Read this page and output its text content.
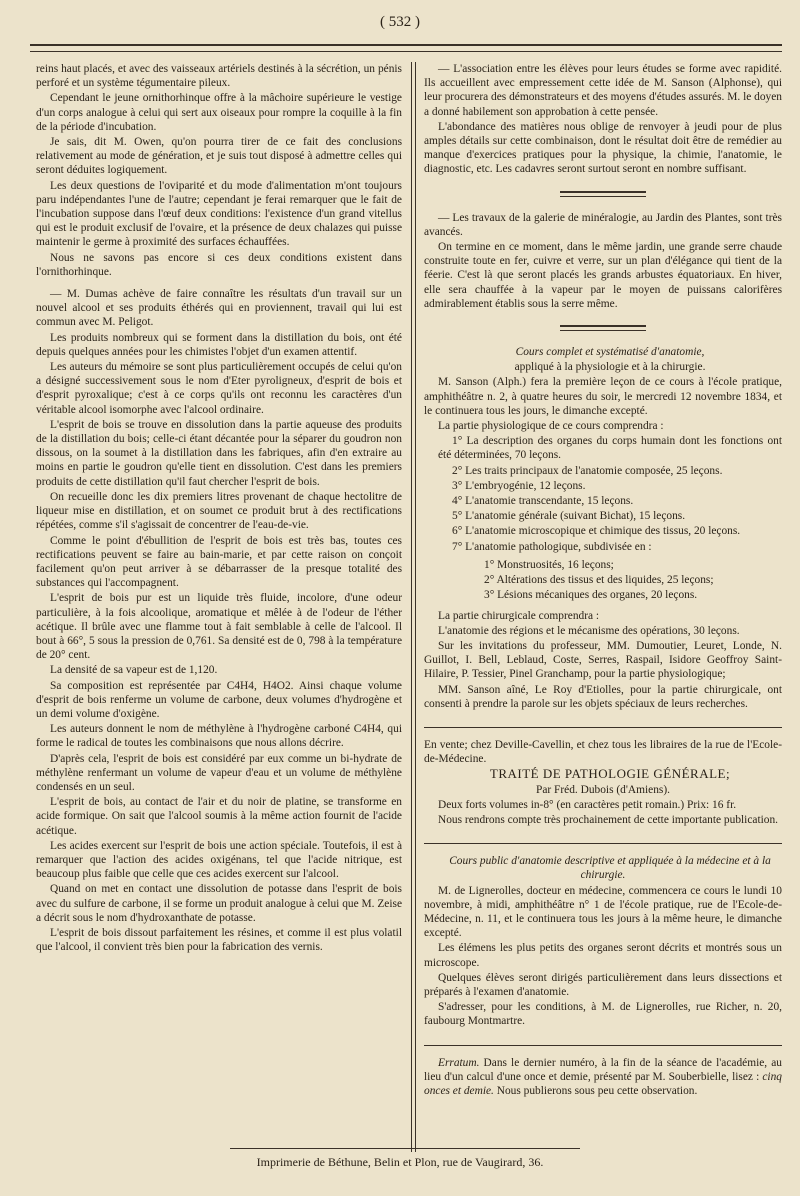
( 532 )

reins haut placés, et avec des vaisseaux artériels destinés à la sécrétion, un pénis perforé et un système tégumentaire pileux.

Cependant le jeune ornithorhinque offre à la mâchoire supérieure le vestige d'un corps analogue à celui qui sert aux oiseaux pour rompre la coquille à la fin de la période d'incubation.

Je sais, dit M. Owen, qu'on pourra tirer de ce fait des conclusions relativement au mode de génération, et je suis tout disposé à admettre celles qui seront déduites logiquement.

Les deux questions de l'oviparité et du mode d'alimentation m'ont toujours paru indépendantes l'une de l'autre; cependant je ferai remarquer que le fait de l'incubation suppose dans l'œuf deux conditions: l'existence d'un grand vitellus qui est le produit exclusif de l'ovaire, et la présence de deux chalazes qui puisse maintenir le germe à proximité des surfaces échauffées.

Nous ne savons pas encore si ces deux conditions existent dans l'ornithorhinque.

— M. Dumas achève de faire connaître les résultats d'un travail sur un nouvel alcool et ses produits éthérés qui en proviennent, travail qui lui est commun avec M. Peligot.

Les produits nombreux qui se forment dans la distillation du bois, ont été depuis quelques années pour les chimistes l'objet d'un examen attentif.

Les auteurs du mémoire se sont plus particulièrement occupés de celui qu'on a désigné successivement sous le nom d'Eter pyroligneux, d'esprit de bois et d'esprit pyroxalique; c'est à ce corps qu'ils ont reconnu les caractères d'un véritable alcool isomorphe avec l'alcool ordinaire.

L'esprit de bois se trouve en dissolution dans la partie aqueuse des produits de la distillation du bois; celle-ci étant décantée pour la séparer du goudron non dissous, on la soumet à la distillation dans les fabriques, afin d'en extraire au moins en partie le goudron qu'elle tient en dissolution. C'est dans les premiers produits de cette distillation qu'il faut chercher l'esprit de bois.

On recueille donc les dix premiers litres provenant de chaque hectolitre de liqueur mise en distillation, et on soumet ce produit brut à des rectifications répétées, comme s'il s'agissait de concentrer de l'eau-de-vie.

Comme le point d'ébullition de l'esprit de bois est très bas, toutes ces rectifications peuvent se faire au bain-marie, et par cette raison on conçoit facilement qu'on peut arriver à se débarrasser de la presque totalité des substances qui l'accompagnent.

L'esprit de bois pur est un liquide très fluide, incolore, d'une odeur particulière, à la fois alcoolique, aromatique et mêlée à de l'odeur de l'éther acétique. Il brûle avec une flamme tout à fait semblable à celle de l'alcool. Il bout à 66°, 5 sous la pression de 0,761. Sa densité est de 0, 798 à la température de 20° cent.

La densité de sa vapeur est de 1,120.

Sa composition est représentée par C4H4, H4O2. Ainsi chaque volume d'esprit de bois renferme un volume de carbone, deux volumes d'hydrogène et un demi volume d'oxigène.

Les auteurs donnent le nom de méthylène à l'hydrogène carboné C4H4, qui forme le radical de toutes les combinaisons que nous allons décrire.

D'après cela, l'esprit de bois est considéré par eux comme un bi-hydrate de méthylène renfermant un volume de vapeur d'eau et un volume de méthylène condensés en un seul.

L'esprit de bois, au contact de l'air et du noir de platine, se transforme en acide formique. On sait que l'alcool soumis à la même action fournit de l'acide acétique.

Les acides exercent sur l'esprit de bois une action spéciale. Toutefois, il est à remarquer que l'action des acides oxigénans, tel que l'acide nitrique, est beaucoup plus faible que celle que ces acides exercent sur l'alcool.

Quand on met en contact une dissolution de potasse dans l'esprit de bois avec du sulfure de carbone, il se forme un produit analogue à celui que M. Zeise a décrit sous le nom d'hydroxanthate de potasse.

L'esprit de bois dissout parfaitement les résines, et comme il est plus volatil que l'alcool, il convient très bien pour la fabrication des vernis.

— L'association entre les élèves pour leurs études se forme avec rapidité. Ils accueillent avec empressement cette idée de M. Sanson (Alphonse), qui leur procurera des démonstrateurs et des moyens d'études assurés. M. le doyen a donné habilement son approbation à cette pensée.

L'abondance des matières nous oblige de renvoyer à jeudi pour de plus amples détails sur cette combinaison, dont le résultat doit être de remédier au manque d'exercices pratiques pour la physique, la chimie, l'anatomie, le diagnostic, etc. Les cadavres seront surtout seront en nombre suffisant.

— Les travaux de la galerie de minéralogie, au Jardin des Plantes, sont très avancés.

On termine en ce moment, dans le même jardin, une grande serre chaude construite toute en fer, cuivre et verre, sur un plan d'élégance qui tient de la féerie. C'est là que seront placés les grands arbustes équatoriaux. En hiver, elle sera chauffée à la vapeur par le moyen de puissans calorifères admirablement établis sous la serre même.

Cours complet et systématisé d'anatomie,

appliqué à la physiologie et à la chirurgie.

M. Sanson (Alph.) fera la première leçon de ce cours à l'école pratique, amphithéâtre n. 2, à quatre heures du soir, le mercredi 12 novembre 1834, et le continuera tous les jours, le dimanche excepté.

La partie physiologique de ce cours comprendra :

1° La description des organes du corps humain dont les fonctions ont été déterminées, 70 leçons.

2° Les traits principaux de l'anatomie composée, 25 leçons.

3° L'embryogénie, 12 leçons.

4° L'anatomie transcendante, 15 leçons.

5° L'anatomie générale (suivant Bichat), 15 leçons.

6° L'anatomie microscopique et chimique des tissus, 20 leçons.

7° L'anatomie pathologique, subdivisée en :

1° Monstruosités, 16 leçons;

2° Altérations des tissus et des liquides, 25 leçons;

3° Lésions mécaniques des organes, 20 leçons.

La partie chirurgicale comprendra :

L'anatomie des régions et le mécanisme des opérations, 30 leçons.

Sur les invitations du professeur, MM. Dumoutier, Leuret, Londe, N. Guillot, I. Bell, Leblaud, Coste, Serres, Raspail, Isidore Geoffroy Saint-Hilaire, P. Tessier, Pinel Granchamp, pour la partie physiologique;

MM. Sanson aîné, Le Roy d'Etiolles, pour la partie chirurgicale, ont consenti à prendre la parole sur les objets spéciaux de leurs recherches.

En vente; chez Deville-Cavellin, et chez tous les libraires de la rue de l'Ecole-de-Médecine.

TRAITÉ DE PATHOLOGIE GÉNÉRALE;

Par Fréd. Dubois (d'Amiens).

Deux forts volumes in-8° (en caractères petit romain.) Prix: 16 fr.

Nous rendrons compte très prochainement de cette importante publication.

Cours public d'anatomie descriptive et appliquée à la médecine et à la chirurgie.

M. de Lignerolles, docteur en médecine, commencera ce cours le lundi 10 novembre, à midi, amphithéâtre n° 1 de l'école pratique, rue de l'Ecole-de-Médecine, n. 11, et le continuera tous les jours à la même heure, le dimanche excepté.

Les élémens les plus petits des organes seront décrits et montrés sous un microscope.

Quelques élèves seront dirigés particulièrement dans leurs dissections et préparés à l'examen d'anatomie.

S'adresser, pour les conditions, à M. de Lignerolles, rue Richer, n. 20, faubourg Montmartre.

Erratum. Dans le dernier numéro, à la fin de la séance de l'académie, au lieu d'un calcul d'une once et demie, présenté par M. Souberbielle, lisez : cinq onces et demie. Nous publierons sous peu cette observation.

Imprimerie de Béthune, Belin et Plon, rue de Vaugirard, 36.
